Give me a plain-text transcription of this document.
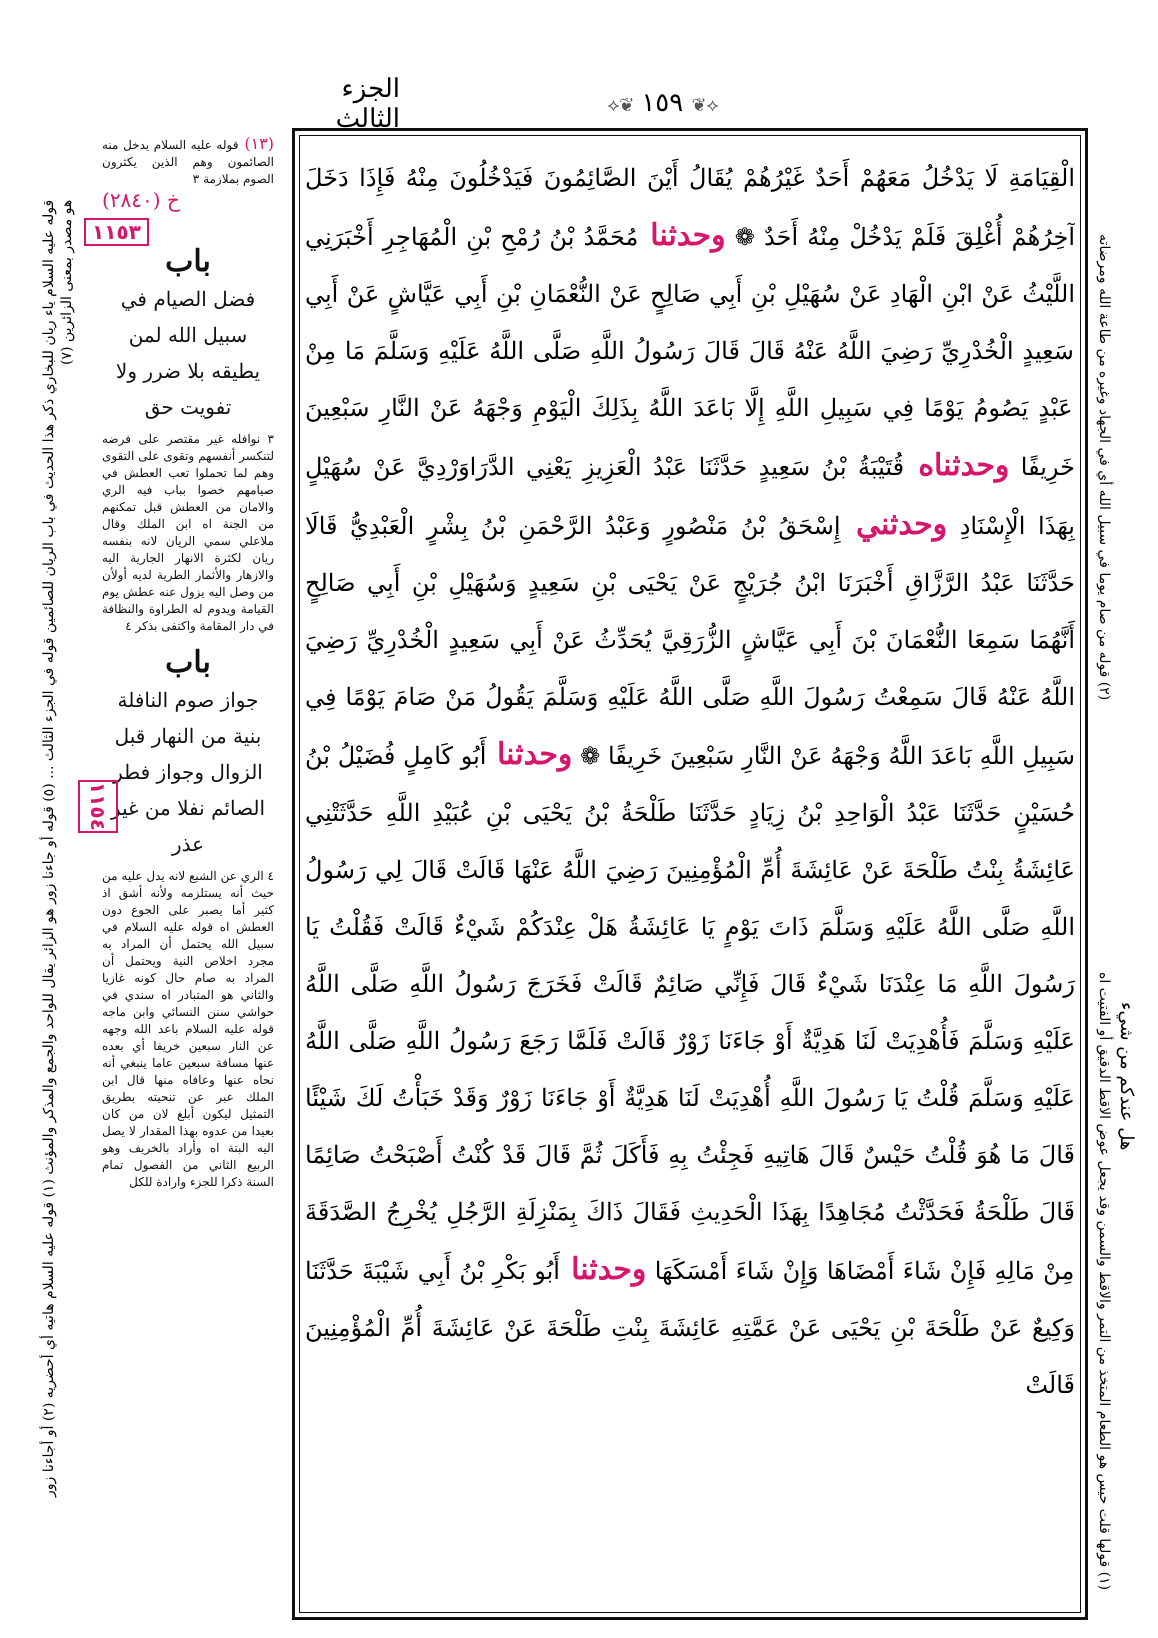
الجزء الثالث	⟡❦ ١٥٩ ❦⟡
الْقِيَامَةِ لَا يَدْخُلُ مَعَهُمْ أَحَدٌ غَيْرُهُمْ يُقَالُ أَيْنَ الصَّائِمُونَ فَيَدْخُلُونَ مِنْهُ فَإِذَا دَخَلَ آخِرُهُمْ أُغْلِقَ فَلَمْ يَدْخُلْ مِنْهُ أَحَدٌ ❁ وحدثنا مُحَمَّدُ بْنُ رُمْحِ بْنِ الْمُهَاجِرِ أَخْبَرَنِي اللَّيْثُ عَنْ ابْنِ الْهَادِ عَنْ سُهَيْلِ بْنِ أَبِي صَالِحٍ عَنْ النُّعْمَانِ بْنِ أَبِي عَيَّاشٍ عَنْ أَبِي سَعِيدٍ الْخُدْرِيِّ رَضِيَ اللَّهُ عَنْهُ قَالَ قَالَ رَسُولُ اللَّهِ صَلَّى اللَّهُ عَلَيْهِ وَسَلَّمَ مَا مِنْ عَبْدٍ يَصُومُ يَوْمًا فِي سَبِيلِ اللَّهِ إِلَّا بَاعَدَ اللَّهُ بِذَلِكَ الْيَوْمِ وَجْهَهُ عَنْ النَّارِ سَبْعِينَ خَرِيفًا وحدثناه قُتَيْبَةُ بْنُ سَعِيدٍ حَدَّثَنَا عَبْدُ الْعَزِيزِ يَعْنِي الدَّرَاوَرْدِيَّ عَنْ سُهَيْلٍ بِهَذَا الْإِسْنَادِ وحدثني إِسْحَقُ بْنُ مَنْصُورٍ وَعَبْدُ الرَّحْمَنِ بْنُ بِشْرٍ الْعَبْدِيُّ قَالَا حَدَّثَنَا عَبْدُ الرَّزَّاقِ أَخْبَرَنَا ابْنُ جُرَيْجٍ عَنْ يَحْيَى بْنِ سَعِيدٍ وَسُهَيْلِ بْنِ أَبِي صَالِحٍ أَنَّهُمَا سَمِعَا النُّعْمَانَ بْنَ أَبِي عَيَّاشٍ الزُّرَقِيَّ يُحَدِّثُ عَنْ أَبِي سَعِيدٍ الْخُدْرِيِّ رَضِيَ اللَّهُ عَنْهُ قَالَ سَمِعْتُ رَسُولَ اللَّهِ صَلَّى اللَّهُ عَلَيْهِ وَسَلَّمَ يَقُولُ مَنْ صَامَ يَوْمًا فِي سَبِيلِ اللَّهِ بَاعَدَ اللَّهُ وَجْهَهُ عَنْ النَّارِ سَبْعِينَ خَرِيفًا ❁ وحدثنا أَبُو كَامِلٍ فُضَيْلُ بْنُ حُسَيْنٍ حَدَّثَنَا عَبْدُ الْوَاحِدِ بْنُ زِيَادٍ حَدَّثَنَا طَلْحَةُ بْنُ يَحْيَى بْنِ عُبَيْدِ اللَّهِ حَدَّثَتْنِي عَائِشَةُ بِنْتُ طَلْحَةَ عَنْ عَائِشَةَ أُمِّ الْمُؤْمِنِينَ رَضِيَ اللَّهُ عَنْهَا قَالَتْ قَالَ لِي رَسُولُ اللَّهِ صَلَّى اللَّهُ عَلَيْهِ وَسَلَّمَ ذَاتَ يَوْمٍ يَا عَائِشَةُ هَلْ عِنْدَكُمْ شَيْءٌ قَالَتْ فَقُلْتُ يَا رَسُولَ اللَّهِ مَا عِنْدَنَا شَيْءٌ قَالَ فَإِنِّي صَائِمٌ قَالَتْ فَخَرَجَ رَسُولُ اللَّهِ صَلَّى اللَّهُ عَلَيْهِ وَسَلَّمَ فَأُهْدِيَتْ لَنَا هَدِيَّةٌ أَوْ جَاءَنَا زَوْرٌ قَالَتْ فَلَمَّا رَجَعَ رَسُولُ اللَّهِ صَلَّى اللَّهُ عَلَيْهِ وَسَلَّمَ قُلْتُ يَا رَسُولَ اللَّهِ أُهْدِيَتْ لَنَا هَدِيَّةٌ أَوْ جَاءَنَا زَوْرٌ وَقَدْ خَبَأْتُ لَكَ شَيْئًا قَالَ مَا هُوَ قُلْتُ حَيْسٌ قَالَ هَاتِيهِ فَجِئْتُ بِهِ فَأَكَلَ ثُمَّ قَالَ قَدْ كُنْتُ أَصْبَحْتُ صَائِمًا قَالَ طَلْحَةُ فَحَدَّثْتُ مُجَاهِدًا بِهَذَا الْحَدِيثِ فَقَالَ ذَاكَ بِمَنْزِلَةِ الرَّجُلِ يُخْرِجُ الصَّدَقَةَ مِنْ مَالِهِ فَإِنْ شَاءَ أَمْضَاهَا وَإِنْ شَاءَ أَمْسَكَهَا وحدثنا أَبُو بَكْرِ بْنُ أَبِي شَيْبَةَ حَدَّثَنَا وَكِيعٌ عَنْ طَلْحَةَ بْنِ يَحْيَى عَنْ عَمَّتِهِ عَائِشَةَ بِنْتِ طَلْحَةَ عَنْ عَائِشَةَ أُمِّ الْمُؤْمِنِينَ قَالَتْ
(١٣) قوله عليه السلام يدخل منه الصائمون وهم الذين يكثرون الصوم بملازمة ٣
خ (٢٨٤٠)
باب
فضل الصيام في سبيل الله لمن يطيقه بلا ضرر ولا تفويت حق
٣ نوافله غير مقتصر على فرضه لتنكسر أنفسهم وتقوى على التقوى وهم لما تحملوا تعب العطش في صيامهم خصوا بباب فيه الري والامان من العطش قبل تمكنهم من الجنة اه ابن الملك وقال ملاعلي سمي الريان لانه بنفسه ريان لكثرة الانهار الجارية اليه والازهار والأثمار الطرية لديه أولأن من وصل اليه يزول عنه عطش يوم القيامة ويدوم له الطراوة والنظافة في دار المقامة واكتفى بذكر ٤
باب
جواز صوم النافلة بنية من النهار قبل الزوال وجواز فطر الصائم نفلا من غير عذر
٤ الري عن الشبع لانه يدل عليه من حيث أنه يستلزمه ولأنه أشق اذ كثير أما يصبر على الجوع دون العطش اه قوله عليه السلام في سبيل الله يحتمل أن المراد به مجرد اخلاص النية ويحتمل أن المراد به صام حال كونه غازيا والثاني هو المتبادر اه سندي في حواشي سنن النسائي وابن ماجه قوله عليه السلام باعد الله وجهه عن النار سبعين خريفا أي بعده عنها مسافة سبعين عاما ينبغي أنه نحاه عنها وعافاه منها قال ابن الملك عبر عن تنحيته بطريق التمثيل ليكون أبلغ لان من كان بعيدا من عدوه بهذا المقدار لا يصل اليه البتة اه وأراد بالخريف وهو الربيع الثاني من الفصول تمام السنة ذكرا للجزء وارادة للكل
١١٥٣
١١٥٤
قوله عليه السلام ياء ريان للبخاري ذكر هذا الحديث في باب الريان للصائمين قوله في الجزء الثالث ... (٥) قوله أو جاءنا زور هو الزائر يقال للواحد والجمع والمذكر والمؤنث (١) قوله عليه السلام هاتيه أي أحضريه (٢) أو أجاءنا زور هو مصدر بمعنى الزائرين (٧)	(٢) قوله من صام يوما في سبيل الله أي في الجهاد وغيره من طاعة الله ومرضاته
هل عندكم من شيء
(١) قولها قلت حيس هو الطعام المتخذ من التمر والاقط والسمن وقد يجعل عوض الاقط الدقيق أو الفتيت اه
